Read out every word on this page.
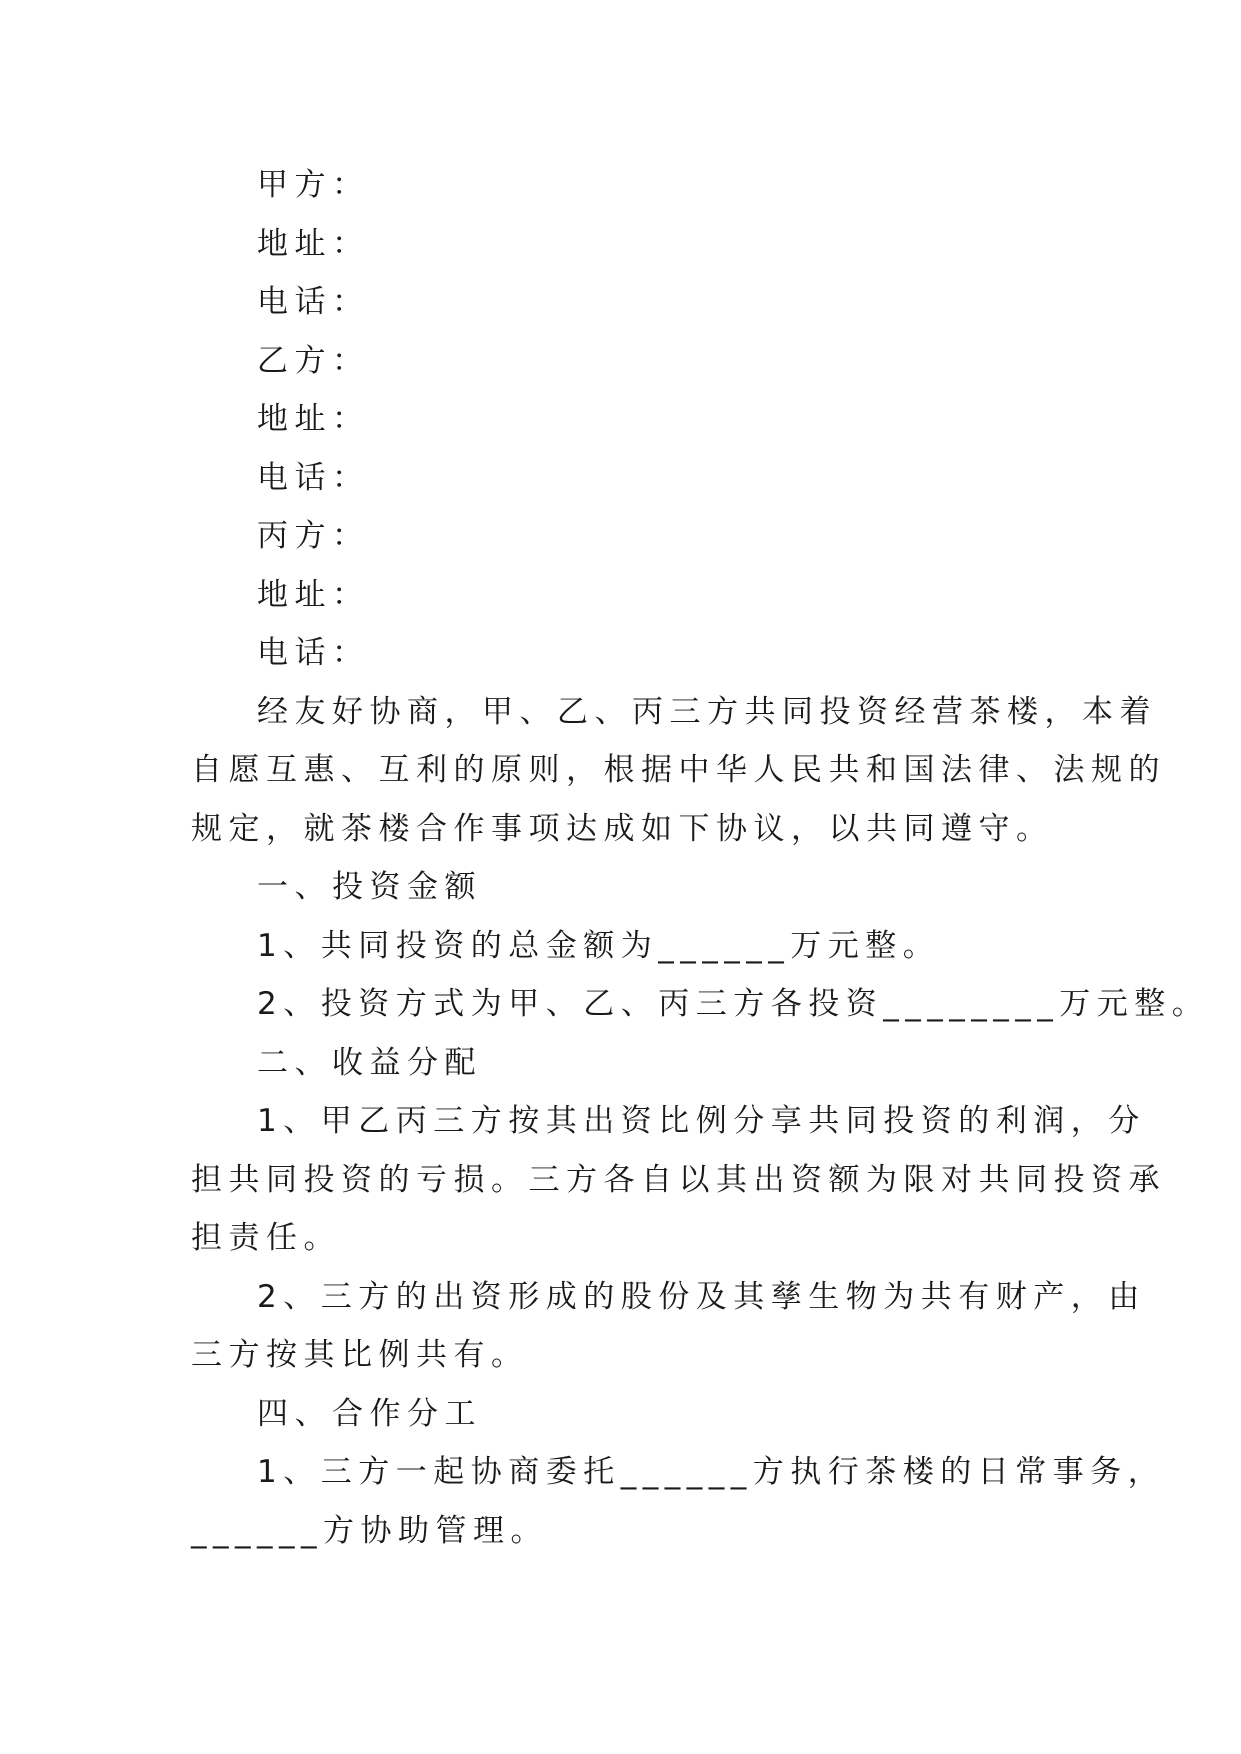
甲方：

地址：

电话：

乙方：

地址：

电话：

丙方：

地址：

电话：

经友好协商，甲、乙、丙三方共同投资经营茶楼，本着

自愿互惠、互利的原则，根据中华人民共和国法律、法规的

规定，就茶楼合作事项达成如下协议，以共同遵守。

一、投资金额

1、共同投资的总金额为______万元整。

2、投资方式为甲、乙、丙三方各投资________万元整。

二、收益分配

1、甲乙丙三方按其出资比例分享共同投资的利润，分

担共同投资的亏损。三方各自以其出资额为限对共同投资承

担责任。

2、三方的出资形成的股份及其孳生物为共有财产，由

三方按其比例共有。

四、合作分工

1、三方一起协商委托______方执行茶楼的日常事务，

______方协助管理。
